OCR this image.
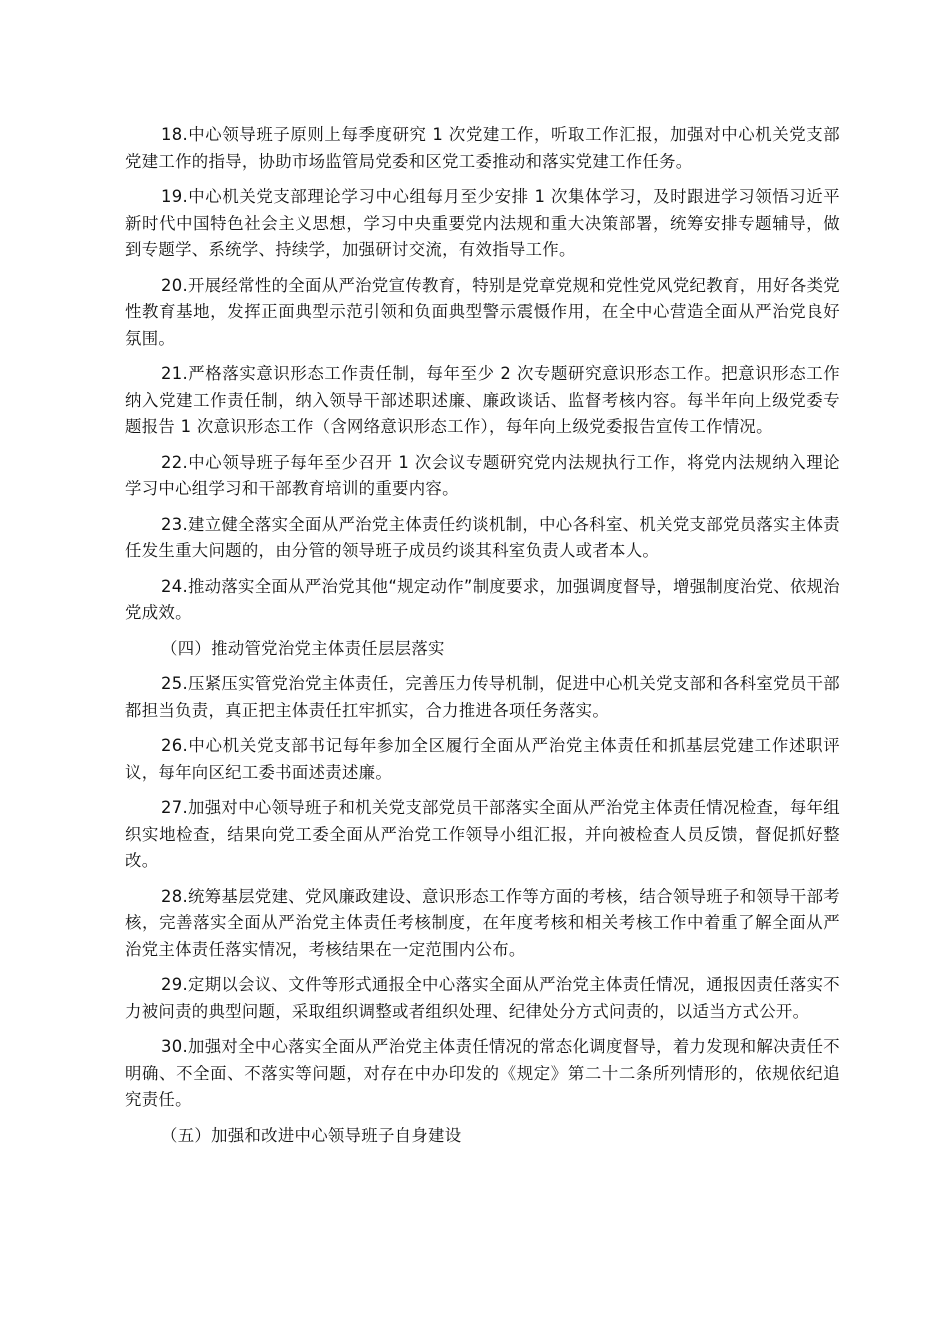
18.中心领导班子原则上每季度研究 1 次党建工作，听取工作汇报，加强对中心机关党支部党建工作的指导，协助市场监管局党委和区党工委推动和落实党建工作任务。

19.中心机关党支部理论学习中心组每月至少安排 1 次集体学习，及时跟进学习领悟习近平新时代中国特色社会主义思想，学习中央重要党内法规和重大决策部署，统筹安排专题辅导，做到专题学、系统学、持续学，加强研讨交流，有效指导工作。

20.开展经常性的全面从严治党宣传教育，特别是党章党规和党性党风党纪教育，用好各类党性教育基地，发挥正面典型示范引领和负面典型警示震慑作用，在全中心营造全面从严治党良好氛围。

21.严格落实意识形态工作责任制，每年至少 2 次专题研究意识形态工作。把意识形态工作纳入党建工作责任制，纳入领导干部述职述廉、廉政谈话、监督考核内容。每半年向上级党委专题报告 1 次意识形态工作（含网络意识形态工作），每年向上级党委报告宣传工作情况。

22.中心领导班子每年至少召开 1 次会议专题研究党内法规执行工作，将党内法规纳入理论学习中心组学习和干部教育培训的重要内容。

23.建立健全落实全面从严治党主体责任约谈机制，中心各科室、机关党支部党员落实主体责任发生重大问题的，由分管的领导班子成员约谈其科室负责人或者本人。

24.推动落实全面从严治党其他“规定动作”制度要求，加强调度督导，增强制度治党、依规治党成效。

（四）推动管党治党主体责任层层落实

25.压紧压实管党治党主体责任，完善压力传导机制，促进中心机关党支部和各科室党员干部都担当负责，真正把主体责任扛牢抓实，合力推进各项任务落实。

26.中心机关党支部书记每年参加全区履行全面从严治党主体责任和抓基层党建工作述职评议，每年向区纪工委书面述责述廉。

27.加强对中心领导班子和机关党支部党员干部落实全面从严治党主体责任情况检查，每年组织实地检查，结果向党工委全面从严治党工作领导小组汇报，并向被检查人员反馈，督促抓好整改。

28.统筹基层党建、党风廉政建设、意识形态工作等方面的考核，结合领导班子和领导干部考核，完善落实全面从严治党主体责任考核制度，在年度考核和相关考核工作中着重了解全面从严治党主体责任落实情况，考核结果在一定范围内公布。

29.定期以会议、文件等形式通报全中心落实全面从严治党主体责任情况，通报因责任落实不力被问责的典型问题，采取组织调整或者组织处理、纪律处分方式问责的，以适当方式公开。

30.加强对全中心落实全面从严治党主体责任情况的常态化调度督导，着力发现和解决责任不明确、不全面、不落实等问题，对存在中办印发的《规定》第二十二条所列情形的，依规依纪追究责任。

（五）加强和改进中心领导班子自身建设
